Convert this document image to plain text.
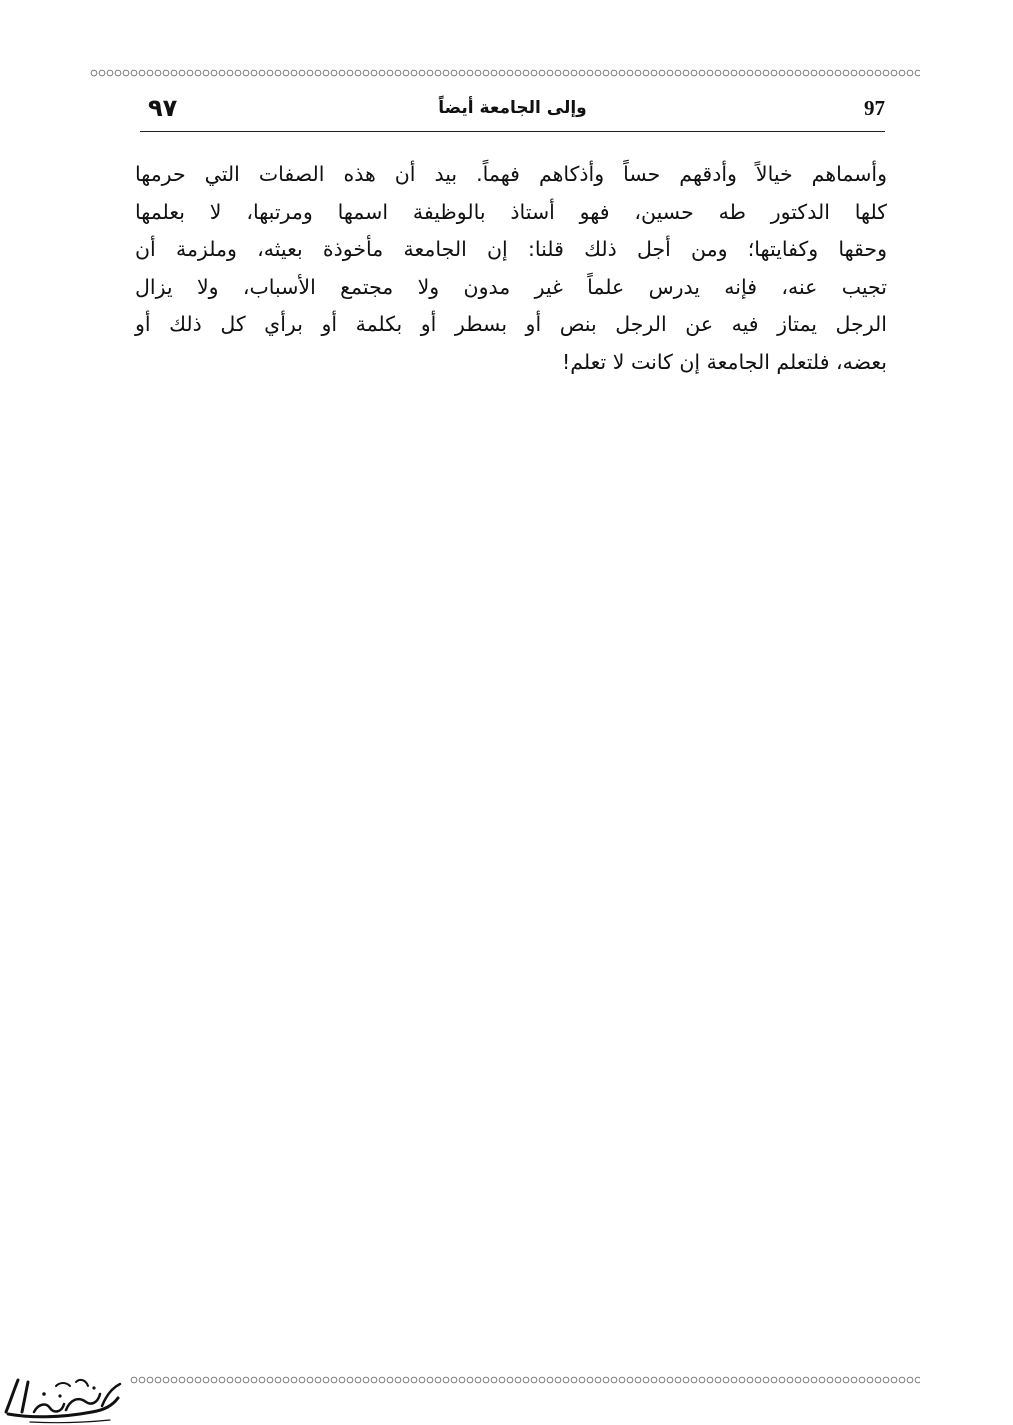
٩٧	وإلى الجامعة أيضاً	97
وأسماهم خيالاً وأدقهم حساً وأذكاهم فهماً. بيد أن هذه الصفات التي حرمها
كلها الدكتور طه حسين، فهو أستاذ بالوظيفة اسمها ومرتبها، لا بعلمها
وحقها وكفايتها؛ ومن أجل ذلك قلنا: إن الجامعة مأخوذة بعيثه، وملزمة أن
تجيب عنه، فإنه يدرس علماً غير مدون ولا مجتمع الأسباب، ولا يزال
الرجل يمتاز فيه عن الرجل بنص أو بسطر أو بكلمة أو برأي كل ذلك أو
بعضه، فلتعلم الجامعة إن كانت لا تعلم!
